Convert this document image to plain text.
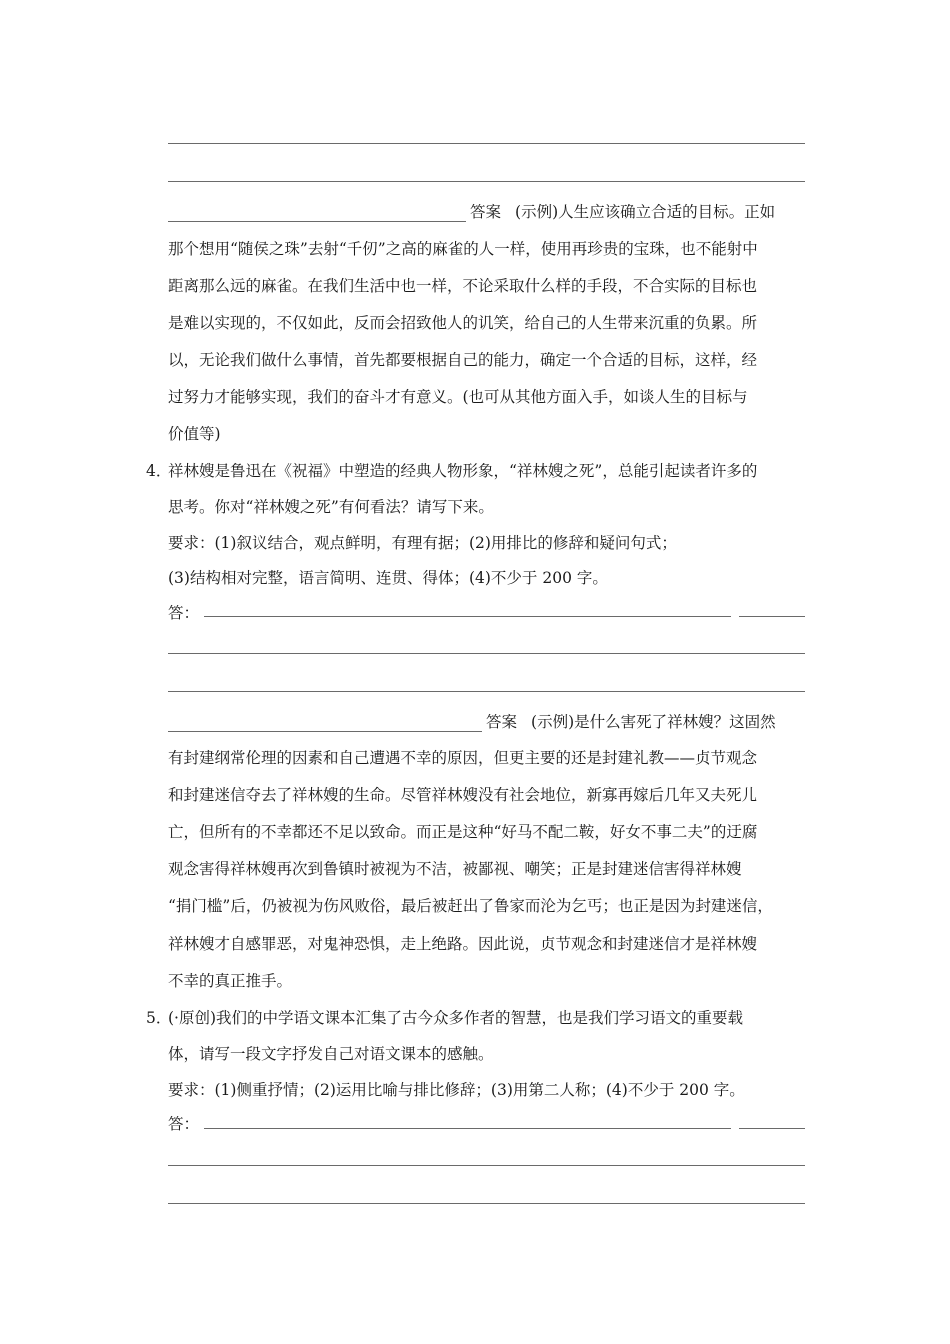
答案 (示例)人生应该确立合适的目标。正如
那个想用“随侯之珠”去射“千仞”之高的麻雀的人一样，使用再珍贵的宝珠，也不能射中
距离那么远的麻雀。在我们生活中也一样，不论采取什么样的手段，不合实际的目标也
是难以实现的，不仅如此，反而会招致他人的讥笑，给自己的人生带来沉重的负累。所
以，无论我们做什么事情，首先都要根据自己的能力，确定一个合适的目标，这样，经
过努力才能够实现，我们的奋斗才有意义。(也可从其他方面入手，如谈人生的目标与
价值等)
4．
祥林嫂是鲁迅在《祝福》中塑造的经典人物形象，“祥林嫂之死”，总能引起读者许多的
思考。你对“祥林嫂之死”有何看法？请写下来。
要求：(1)叙议结合，观点鲜明，有理有据；(2)用排比的修辞和疑问句式；
(3)结构相对完整，语言简明、连贯、得体；(4)不少于 200 字。
答：
答案 (示例)是什么害死了祥林嫂？这固然
有封建纲常伦理的因素和自己遭遇不幸的原因，但更主要的还是封建礼教——贞节观念
和封建迷信夺去了祥林嫂的生命。尽管祥林嫂没有社会地位，新寡再嫁后几年又夫死儿
亡，但所有的不幸都还不足以致命。而正是这种“好马不配二鞍，好女不事二夫”的迂腐
观念害得祥林嫂再次到鲁镇时被视为不洁，被鄙视、嘲笑；正是封建迷信害得祥林嫂
“捐门槛”后，仍被视为伤风败俗，最后被赶出了鲁家而沦为乞丐；也正是因为封建迷信，
祥林嫂才自感罪恶，对鬼神恐惧，走上绝路。因此说，贞节观念和封建迷信才是祥林嫂
不幸的真正推手。
5．
(·原创)我们的中学语文课本汇集了古今众多作者的智慧，也是我们学习语文的重要载
体，请写一段文字抒发自己对语文课本的感触。
要求：(1)侧重抒情；(2)运用比喻与排比修辞；(3)用第二人称；(4)不少于 200 字。
答：
